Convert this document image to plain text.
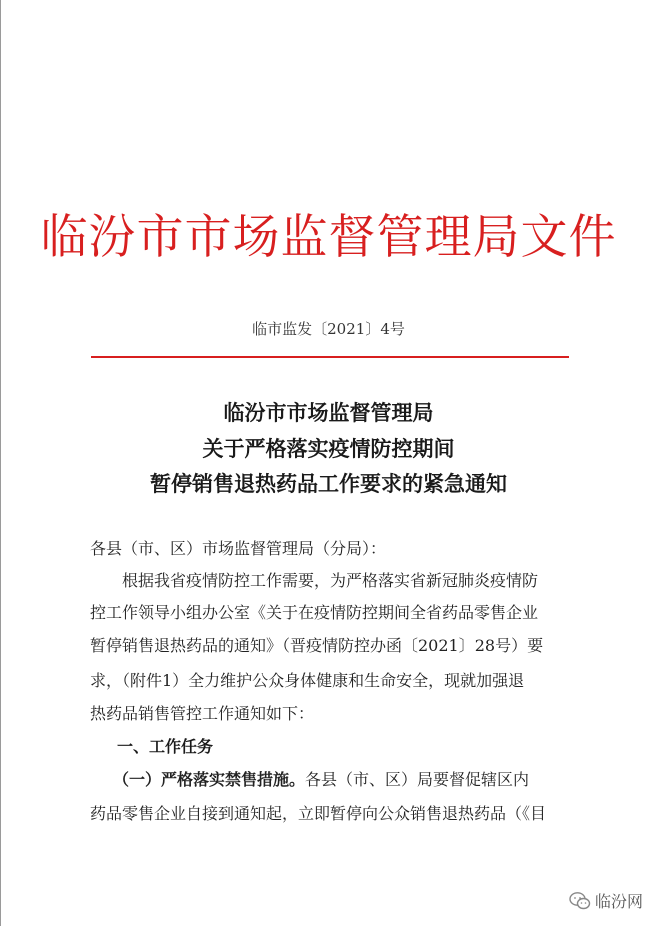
临汾市市场监督管理局文件
临市监发〔2021〕4号
临汾市市场监督管理局
关于严格落实疫情防控期间
暂停销售退热药品工作要求的紧急通知
各县（市、区）市场监督管理局（分局）：
　　根据我省疫情防控工作需要，为严格落实省新冠肺炎疫情防
控工作领导小组办公室《关于在疫情防控期间全省药品零售企业
暂停销售退热药品的通知》（晋疫情防控办函〔2021〕28号）要
求，（附件1）全力维护公众身体健康和生命安全，现就加强退
热药品销售管控工作通知如下：
一、工作任务
（一）严格落实禁售措施。各县（市、区）局要督促辖区内
药品零售企业自接到通知起，立即暂停向公众销售退热药品（《目
临汾网
